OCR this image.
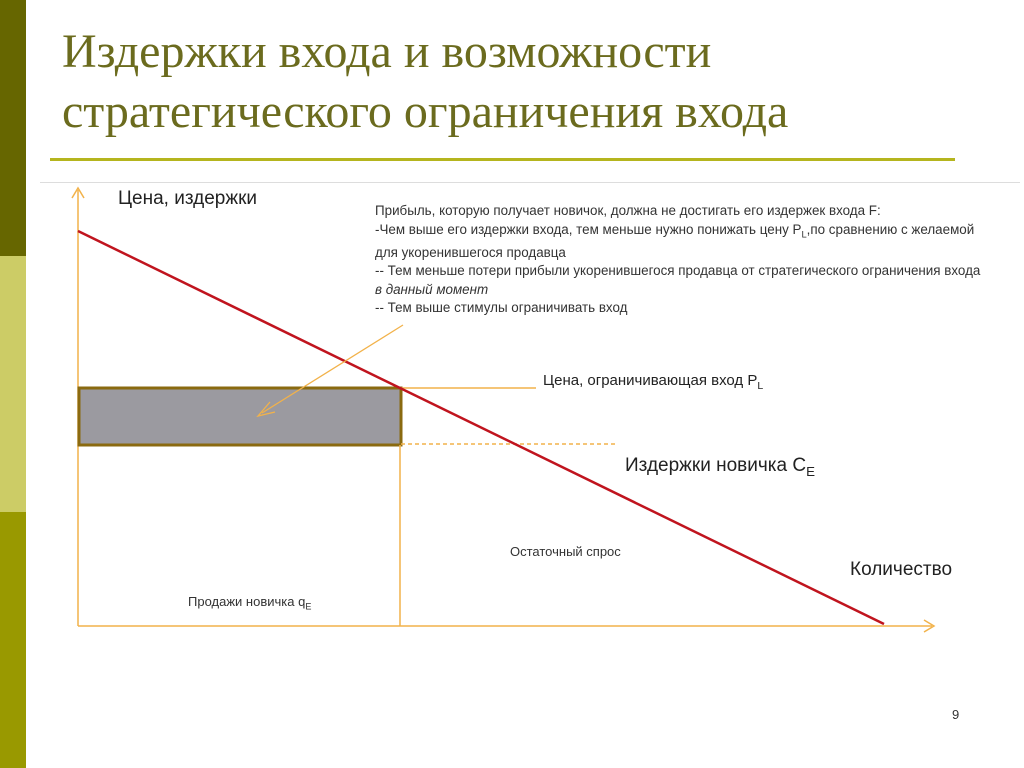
Издержки входа и возможности стратегического ограничения входа
Цена, издержки

Прибыль, которую получает новичок, должна не достигать его издержек входа F:

-Чем выше его издержки входа, тем меньше нужно понижать цену $P_L,по$ сравнению с желаемой для укоренившегося продавца

-- Тем меньше потери прибыли укоренившегося продавца от стратегического ограничения входа в данный момент

-- Тем выше стимулы ограничивать вход

Цена, ограничивающая вход $P_L$
Издержки новичка $C_E$
Остаточный спрос
Количество
Продажи новичка $q_E$
9
